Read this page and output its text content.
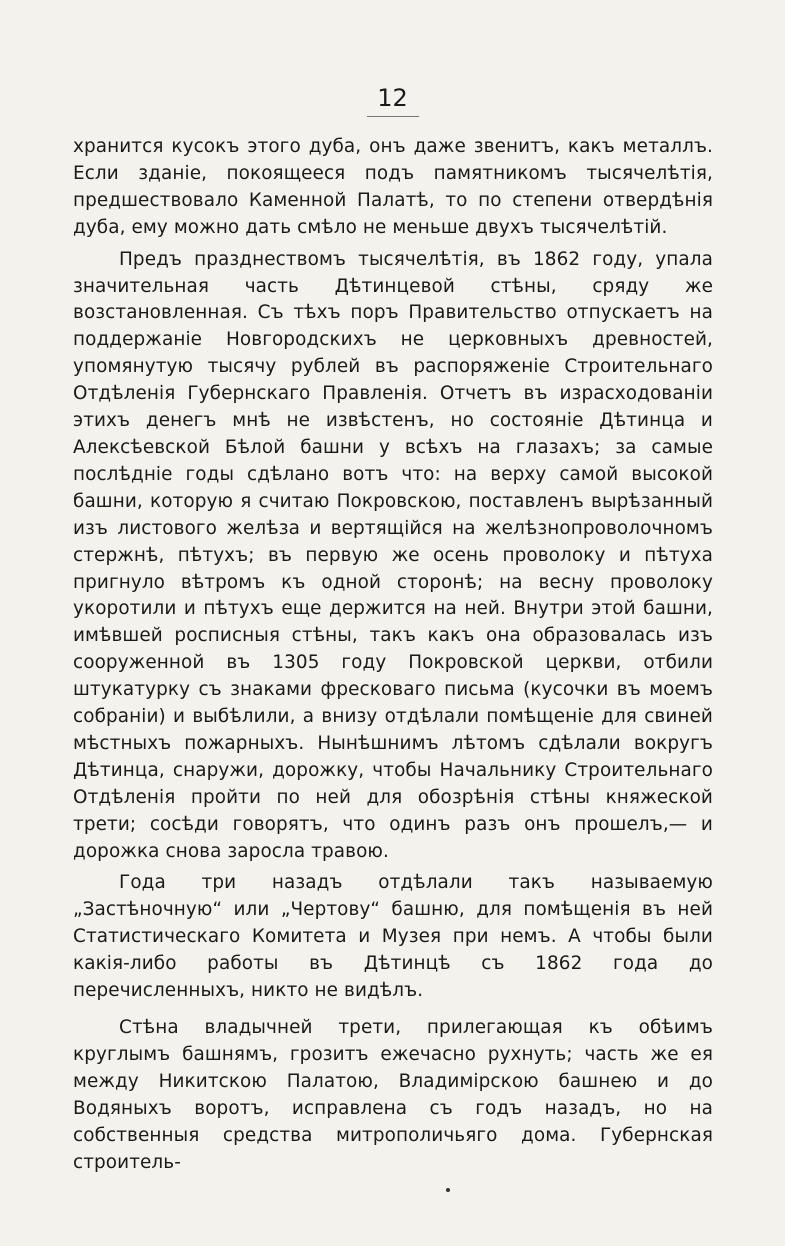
12

хранится кусокъ этого дуба, онъ даже звенитъ, какъ металлъ. Если зданіе, покоящееся подъ памятникомъ тысячелѣтія, предшествовало Каменной Палатѣ, то по степени отвердѣнія дуба, ему можно дать смѣло не меньше двухъ тысячелѣтій.

Предъ празднествомъ тысячелѣтія, въ 1862 году, упала значительная часть Дѣтинцевой стѣны, сряду же возстановленная. Съ тѣхъ поръ Правительство отпускаетъ на поддержаніе Новгородскихъ не церковныхъ древностей, упомянутую тысячу рублей въ распоряженіе Строительнаго Отдѣленія Губернскаго Правленія. Отчетъ въ израсходованіи этихъ денегъ мнѣ не извѣстенъ, но состояніе Дѣтинца и Алексѣевской Бѣлой башни у всѣхъ на глазахъ; за самые послѣдніе годы сдѣлано вотъ что: на верху самой высокой башни, которую я считаю Покровскою, поставленъ вырѣзанный изъ листового желѣза и вертящійся на желѣзнопроволочномъ стержнѣ, пѣтухъ; въ первую же осень проволоку и пѣтуха пригнуло вѣтромъ къ одной сторонѣ; на весну проволоку укоротили и пѣтухъ еще держится на ней. Внутри этой башни, имѣвшей росписныя стѣны, такъ какъ она образовалась изъ сооруженной въ 1305 году Покровской церкви, отбили штукатурку съ знаками фресковаго письма (кусочки въ моемъ собраніи) и выбѣлили, а внизу отдѣлали помѣщеніе для свиней мѣстныхъ пожарныхъ. Нынѣшнимъ лѣтомъ сдѣлали вокругъ Дѣтинца, снаружи, дорожку, чтобы Начальнику Строительнаго Отдѣленія пройти по ней для обозрѣнія стѣны княжеской трети; сосѣди говорятъ, что одинъ разъ онъ прошелъ,— и дорожка снова заросла травою.

Года три назадъ отдѣлали такъ называемую „Застѣночную“ или „Чертову“ башню, для помѣщенія въ ней Статистическаго Комитета и Музея при немъ. А чтобы были какія-либо работы въ Дѣтинцѣ съ 1862 года до перечисленныхъ, никто не видѣлъ.

Стѣна владычней трети, прилегающая къ обѣимъ круглымъ башнямъ, грозитъ ежечасно рухнуть; часть же ея между Никитскою Палатою, Владимірскою башнею и до Водяныхъ воротъ, исправлена съ годъ назадъ, но на собственныя средства митрополичьяго дома. Губернская строитель-
